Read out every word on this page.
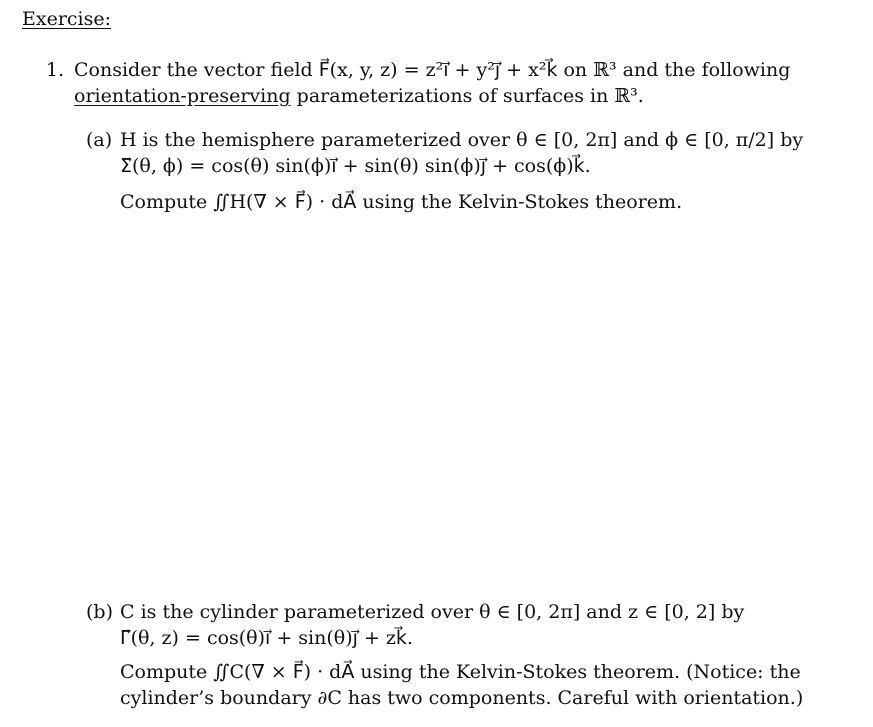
Exercise:
1. Consider the vector field F⃗(x, y, z) = z²i⃗ + y²j⃗ + x²k⃗ on ℝ³ and the following
orientation-preserving parameterizations of surfaces in ℝ³.
(a) H is the hemisphere parameterized over θ ∈ [0, 2π] and ϕ ∈ [0, π/2] by
Σ⃗(θ, ϕ) = cos(θ) sin(ϕ)i⃗ + sin(θ) sin(ϕ)j⃗ + cos(ϕ)k⃗.
Compute ∬H(∇ × F⃗) · dA⃗ using the Kelvin-Stokes theorem.
(b) C is the cylinder parameterized over θ ∈ [0, 2π] and z ∈ [0, 2] by
Γ⃗(θ, z) = cos(θ)i⃗ + sin(θ)j⃗ + zk⃗.
Compute ∬C(∇ × F⃗) · dA⃗ using the Kelvin-Stokes theorem. (Notice: the
cylinder’s boundary ∂C has two components. Careful with orientation.)
